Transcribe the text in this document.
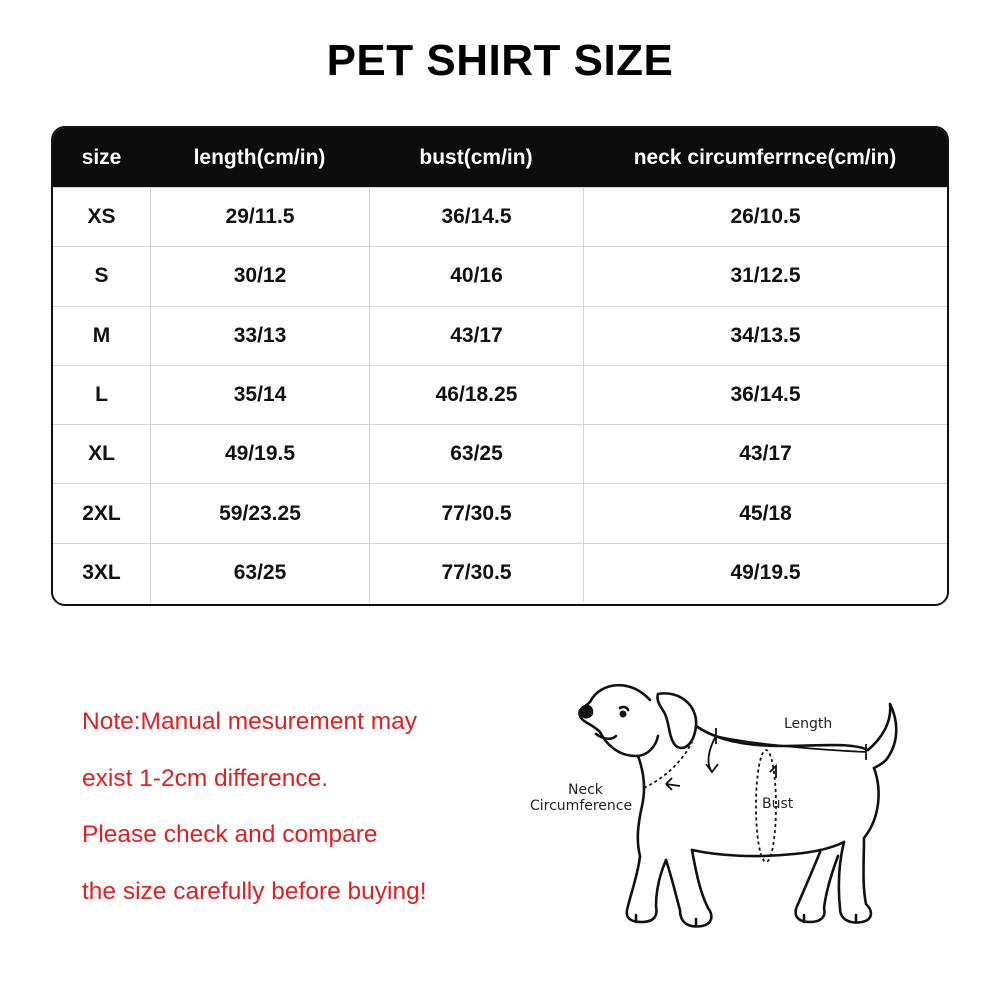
PET SHIRT SIZE
size	length(cm/in)	bust(cm/in)	neck circumferrnce(cm/in)
XS	29/11.5	36/14.5	26/10.5
S	30/12	40/16	31/12.5
M	33/13	43/17	34/13.5
L	35/14	46/18.25	36/14.5
XL	49/19.5	63/25	43/17
2XL	59/23.25	77/30.5	45/18
3XL	63/25	77/30.5	49/19.5
Note:Manual mesurement may
exist 1-2cm difference.
Please check and compare
the size carefully before buying!
Length
Bust
Neck
Circumference
